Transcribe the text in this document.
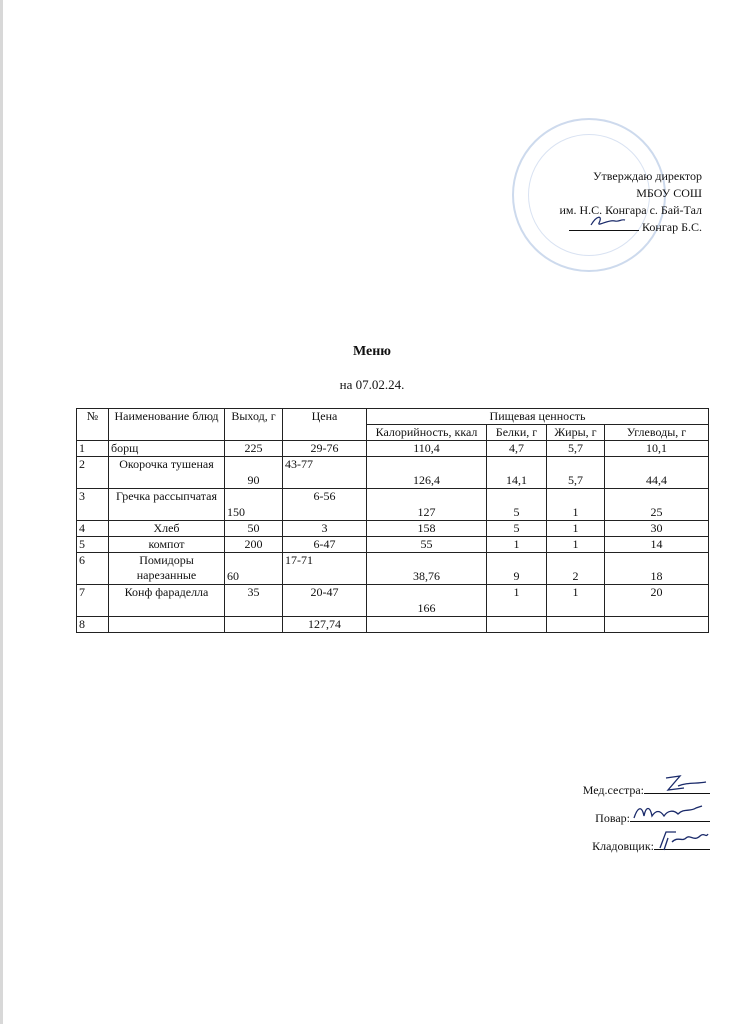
Утверждаю директор
МБОУ СОШ
им. Н.С. Конгара с. Бай-Тал
Конгар Б.С.
Меню
на 07.02.24.
№	Наименование блюд	Выход, г	Цена	Пищевая ценность			
				Калорийность, ккал	Белки, г	Жиры, г	Углеводы, г
1	борщ	225	29-76	110,4	4,7	5,7	10,1
2	Окорочка тушеная	90	43-77	126,4	14,1	5,7	44,4
3	Гречка рассыпчатая	150	6-56	127	5	1	25
4	Хлеб	50	3	158	5	1	30
5	компот	200	6-47	55	1	1	14
6	Помидоры нарезанные	60	17-71	38,76	9	2	18
7	Конф фараделла	35	20-47	166	1	1	20
8			127,74				
Мед.сестра:
Повар:
Кладовщик:
